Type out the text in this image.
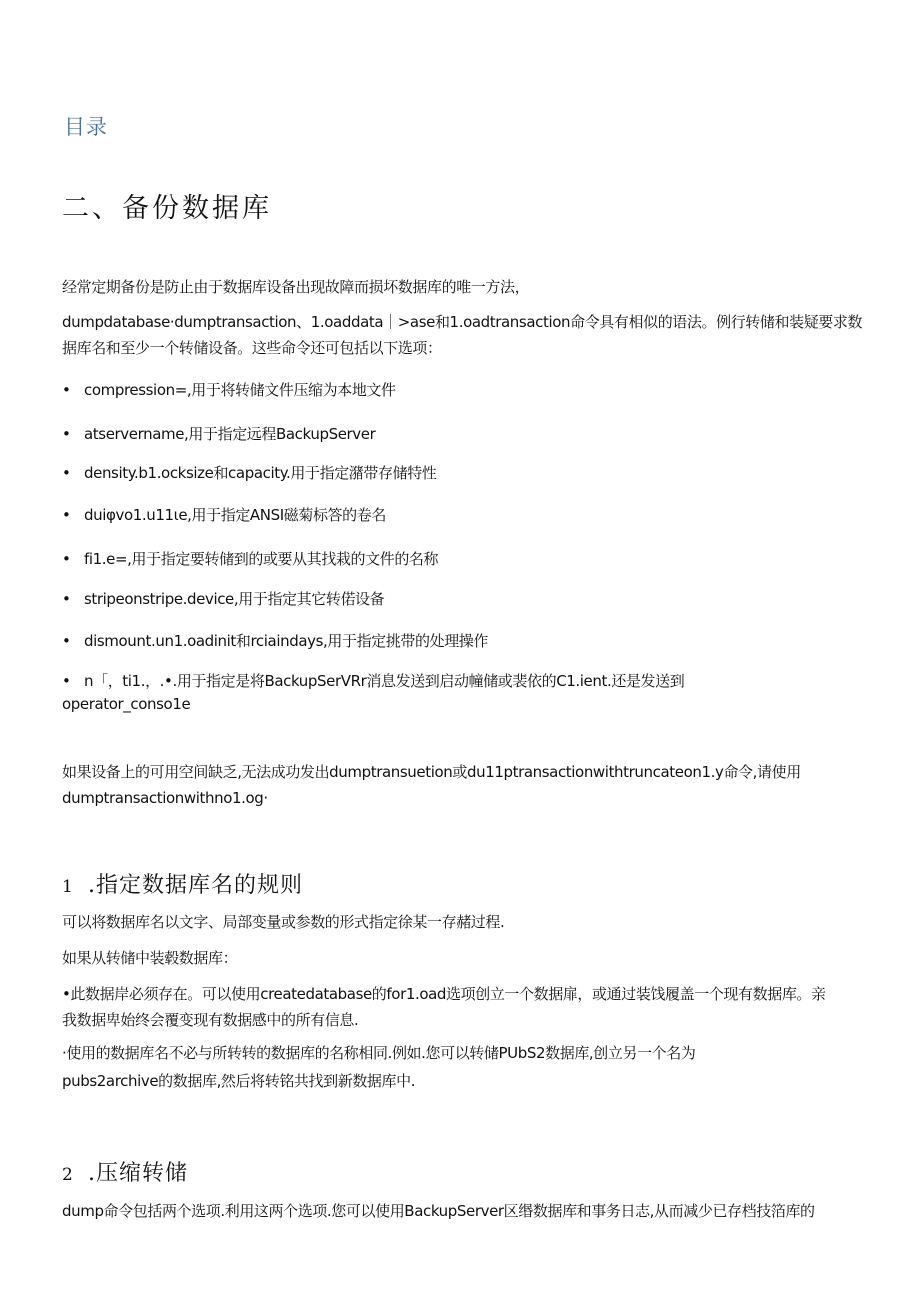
目录
二、备份数据库
经常定期备份是防止由于数据库设备出现故障而损坏数据库的唯一方法，
dumpdatabase·dumptransaction、1.oaddata｜>ase和1.oadtransaction命令具有相似的语法。例行转储和装疑要求数
据库名和至少一个转储设备。这些命令还可包括以下选项：
• compression=,用于将转储文件压缩为本地文件
• atservername,用于指定远程BackupServer
• density.b1.ocksize和capacity.用于指定潴带存储特性
• duiφvo1.u11ιe,用于指定ANSI磁菊标答的卷名
• fi1.e=,用于指定要转储到的或要从其找栽的文件的名称
• stripeonstripe.device,用于指定其它转偌设备
• dismount.un1.oadinit和rciaindays,用于指定挑带的处理操作
• n「，ti1.，.•.用于指定是将BackupSerVRr消息发送到启动幢储或裴依的C1.ient.还是发送到
operator_conso1e
如果设备上的可用空间缺乏,无法成功发出dumptransuetion或du11ptransactionwithtruncateon1.y命令,请使用
dumptransactionwithno1.og·
1 .指定数据库名的规则
可以将数据库名以文字、局部变量或参数的形式指定徐某一存赭过程.
如果从转储中装毂数据库：
•此数据岸必须存在。可以使用createdatabase的for1.oad选项创立一个数据扉，或通过装饯履盖一个现有数据库。亲
我数据卑始终会覆变现有数据感中的所有信息.
·使用的数据库名不必与所转转的数据库的名称相同.例如.您可以转储PUbS2数据库,创立另一个名为
pubs2archive的数据库,然后将转铭共找到新数据库中.
2 .压缩转储
dump命令包括两个选项.利用这两个选项.您可以使用BackupServer区缗数据库和事务日志,从而减少已存档技箔库的
